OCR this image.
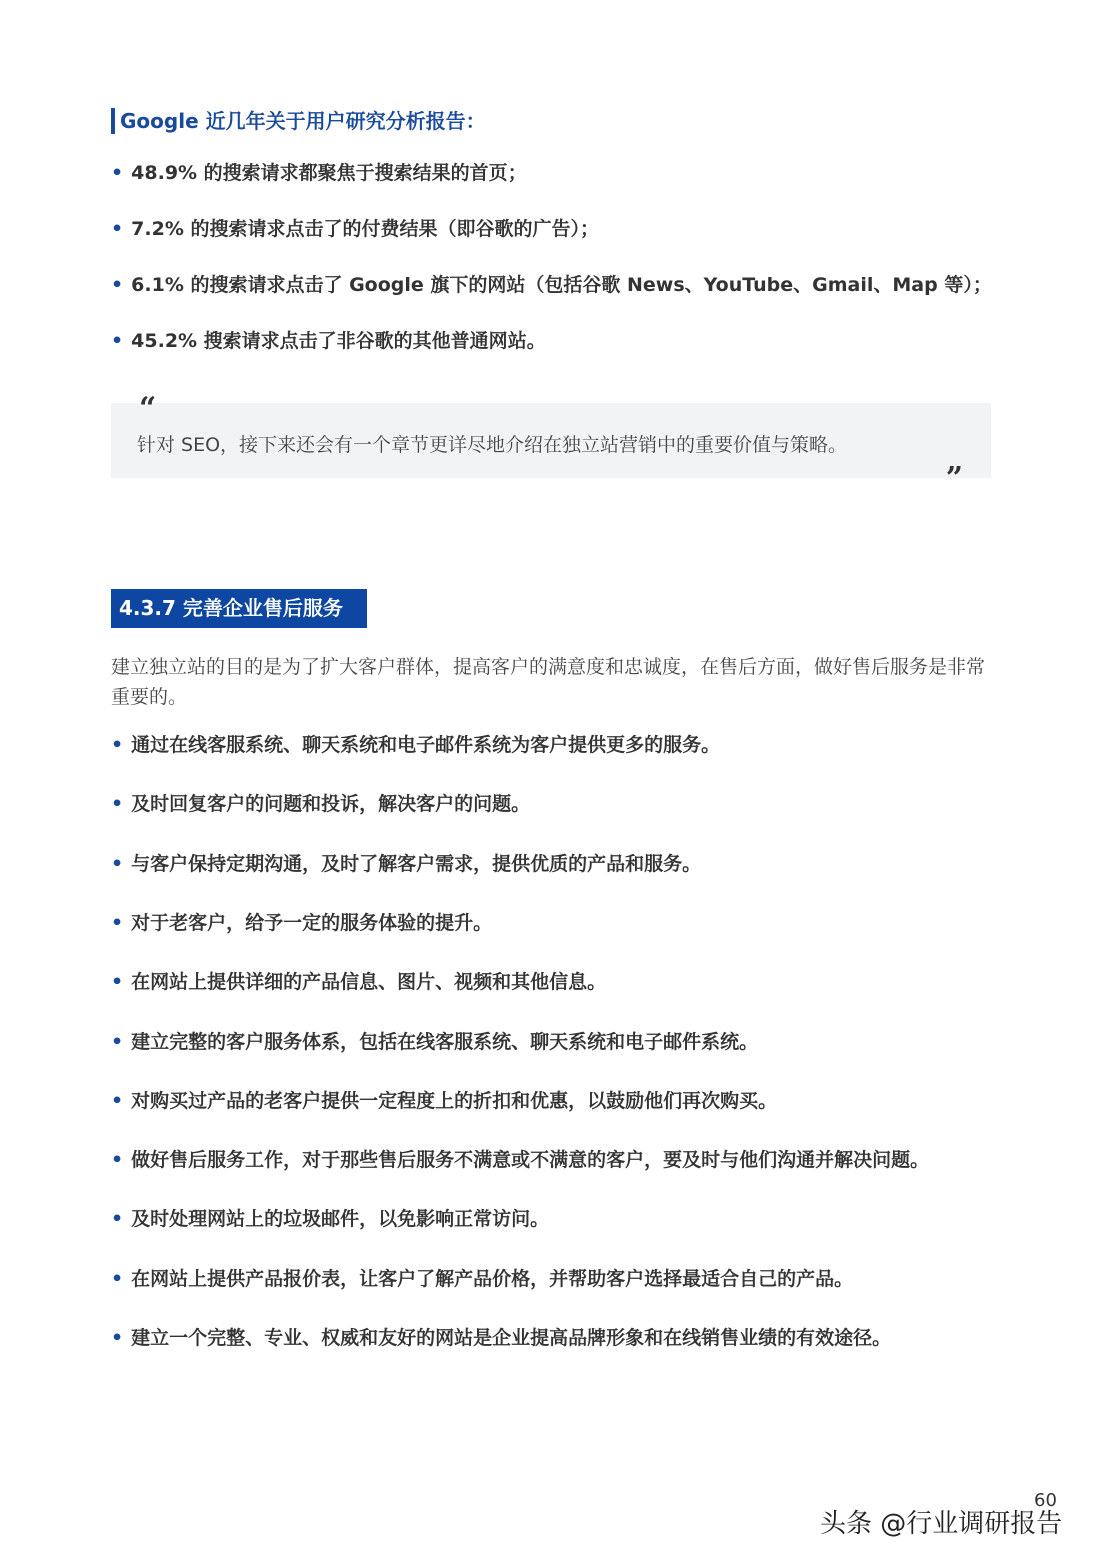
Google 近几年关于用户研究分析报告：
• 48.9% 的搜索请求都聚焦于搜索结果的首页；
• 7.2% 的搜索请求点击了的付费结果（即谷歌的广告）；
• 6.1% 的搜索请求点击了 Google 旗下的网站（包括谷歌 News、YouTube、Gmail、Map 等）；
• 45.2% 搜索请求点击了非谷歌的其他普通网站。
“
针对 SEO，接下来还会有一个章节更详尽地介绍在独立站营销中的重要价值与策略。
”
4.3.7 完善企业售后服务
建立独立站的目的是为了扩大客户群体，提高客户的满意度和忠诚度，在售后方面，做好售后服务是非常重要的。
• 通过在线客服系统、聊天系统和电子邮件系统为客户提供更多的服务。
• 及时回复客户的问题和投诉，解决客户的问题。
• 与客户保持定期沟通，及时了解客户需求，提供优质的产品和服务。
• 对于老客户，给予一定的服务体验的提升。
• 在网站上提供详细的产品信息、图片、视频和其他信息。
• 建立完整的客户服务体系，包括在线客服系统、聊天系统和电子邮件系统。
• 对购买过产品的老客户提供一定程度上的折扣和优惠，以鼓励他们再次购买。
• 做好售后服务工作，对于那些售后服务不满意或不满意的客户，要及时与他们沟通并解决问题。
• 及时处理网站上的垃圾邮件，以免影响正常访问。
• 在网站上提供产品报价表，让客户了解产品价格，并帮助客户选择最适合自己的产品。
• 建立一个完整、专业、权威和友好的网站是企业提高品牌形象和在线销售业绩的有效途径。
60
头条 @行业调研报告
